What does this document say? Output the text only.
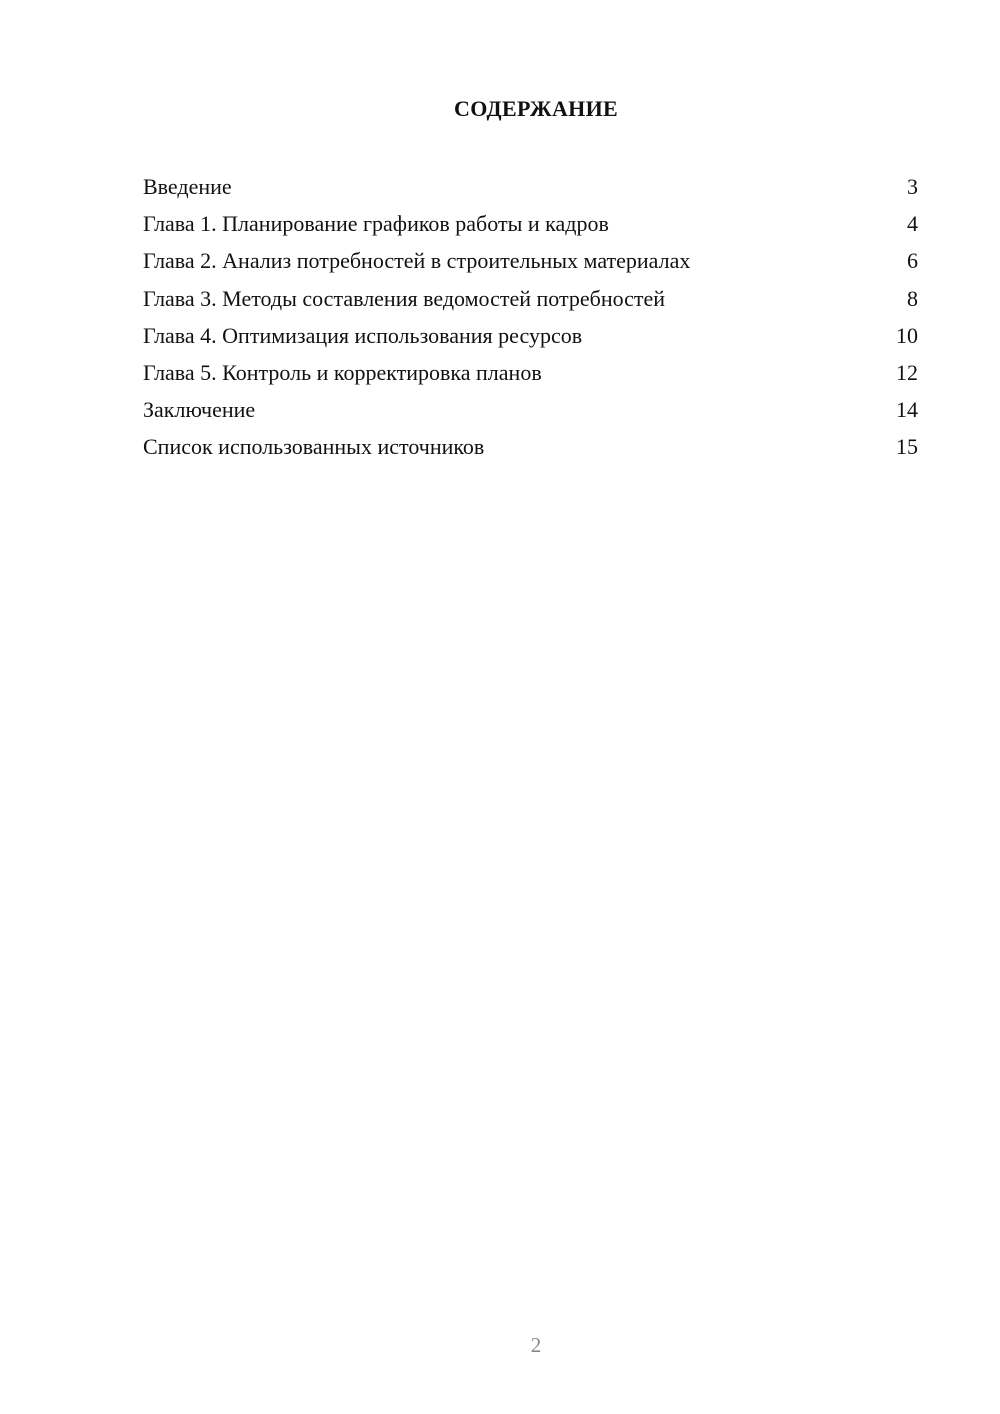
СОДЕРЖАНИЕ
Введение	3
Глава 1. Планирование графиков работы и кадров	4
Глава 2. Анализ потребностей в строительных материалах	6
Глава 3. Методы составления ведомостей потребностей	8
Глава 4. Оптимизация использования ресурсов	10
Глава 5. Контроль и корректировка планов	12
Заключение	14
Список использованных источников	15
2
